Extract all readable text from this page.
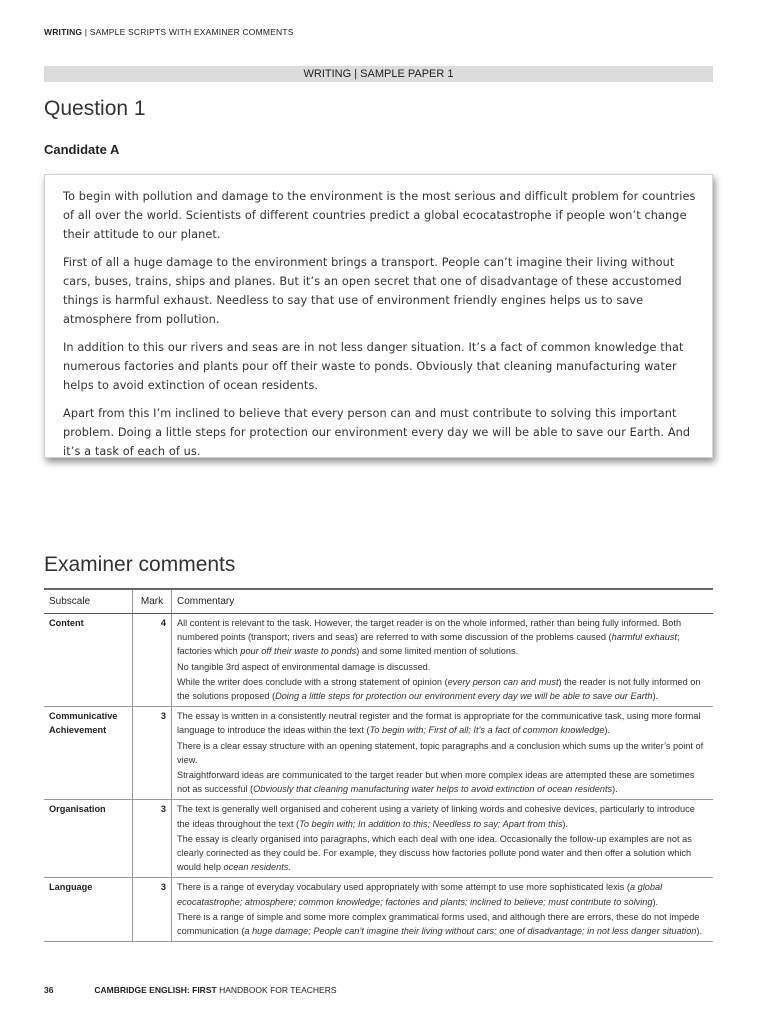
WRITING | SAMPLE SCRIPTS WITH EXAMINER COMMENTS
WRITING | SAMPLE PAPER 1
Question 1
Candidate A

To begin with pollution and damage to the environment is the most serious and difficult problem for countries of all over the world. Scientists of different countries predict a global ecocatastrophe if people won’t change their attitude to our planet.

First of all a huge damage to the environment brings a transport. People can’t imagine their living without cars, buses, trains, ships and planes. But it’s an open secret that one of disadvantage of these accustomed things is harmful exhaust. Needless to say that use of environment friendly engines helps us to save atmosphere from pollution.

In addition to this our rivers and seas are in not less danger situation. It’s a fact of common knowledge that numerous factories and plants pour off their waste to ponds. Obviously that cleaning manufacturing water helps to avoid extinction of ocean residents.

Apart from this I’m inclined to believe that every person can and must contribute to solving this important problem. Doing a little steps for protection our environment every day we will be able to save our Earth. And it’s a task of each of us.

Examiner comments
Subscale	Mark	Commentary
Content	4	All content is relevant to the task. However, the target reader is on the whole informed, rather than being fully informed. Both numbered points (transport; rivers and seas) are referred to with some discussion of the problems caused (harmful exhaust; factories which pour off their waste to ponds) and some limited mention of solutions.

No tangible 3rd aspect of environmental damage is discussed.

While the writer does conclude with a strong statement of opinion (every person can and must) the reader is not fully informed on the solutions proposed (Doing a little steps for protection our environment every day we will be able to save our Earth).

Communicative Achievement	3	The essay is written in a consistently neutral register and the format is appropriate for the communicative task, using more formal language to introduce the ideas within the text (To begin with; First of all; It’s a fact of common knowledge).

There is a clear essay structure with an opening statement, topic paragraphs and a conclusion which sums up the writer’s point of view.

Straightforward ideas are communicated to the target reader but when more complex ideas are attempted these are sometimes not as successful (Obviously that cleaning manufacturing water helps to avoid extinction of ocean residents).

Organisation	3	The text is generally well organised and coherent using a variety of linking words and cohesive devices, particularly to introduce the ideas throughout the text (To begin with; In addition to this; Needless to say; Apart from this).

The essay is clearly organised into paragraphs, which each deal with one idea. Occasionally the follow-up examples are not as clearly connected as they could be. For example, they discuss how factories pollute pond water and then offer a solution which would help ocean residents.

Language	3	There is a range of everyday vocabulary used appropriately with some attempt to use more sophisticated lexis (a global ecocatastrophe; atmosphere; common knowledge; factories and plants; inclined to believe; must contribute to solving).

There is a range of simple and some more complex grammatical forms used, and although there are errors, these do not impede communication (a huge damage; People can’t imagine their living without cars; one of disadvantage; in not less danger situation).

36	CAMBRIDGE ENGLISH: FIRST HANDBOOK FOR TEACHERS
